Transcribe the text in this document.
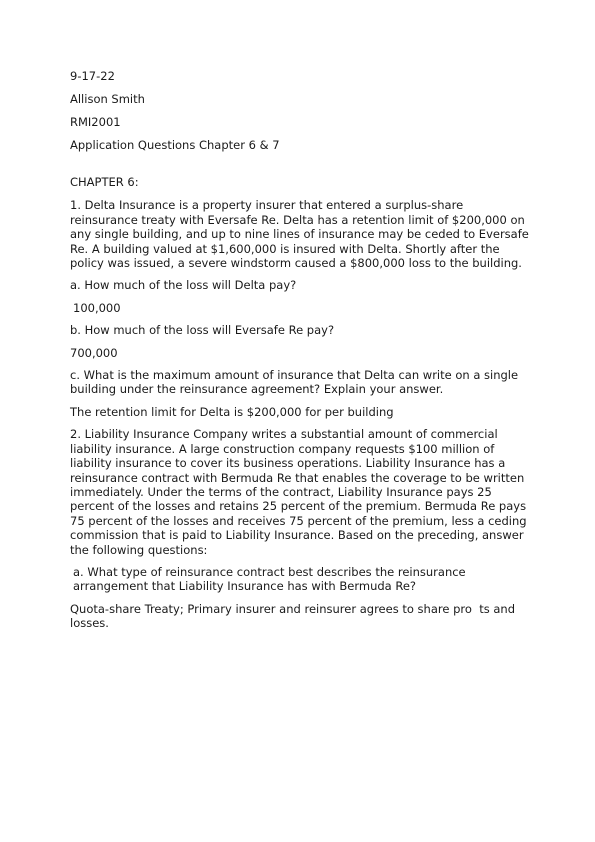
9-17-22

Allison Smith

RMI2001

Application Questions Chapter 6 & 7

CHAPTER 6:

1. Delta Insurance is a property insurer that entered a surplus-share reinsurance treaty with Eversafe Re. Delta has a retention limit of $200,000 on any single building, and up to nine lines of insurance may be ceded to Eversafe Re. A building valued at $1,600,000 is insured with Delta. Shortly after the policy was issued, a severe windstorm caused a $800,000 loss to the building.

a. How much of the loss will Delta pay?

100,000

b. How much of the loss will Eversafe Re pay?

700,000

c. What is the maximum amount of insurance that Delta can write on a single building under the reinsurance agreement? Explain your answer.

The retention limit for Delta is $200,000 for per building

2. Liability Insurance Company writes a substantial amount of commercial liability insurance. A large construction company requests $100 million of liability insurance to cover its business operations. Liability Insurance has a reinsurance contract with Bermuda Re that enables the coverage to be written immediately. Under the terms of the contract, Liability Insurance pays 25 percent of the losses and retains 25 percent of the premium. Bermuda Re pays 75 percent of the losses and receives 75 percent of the premium, less a ceding commission that is paid to Liability Insurance. Based on the preceding, answer the following questions:

a. What type of reinsurance contract best describes the reinsurance arrangement that Liability Insurance has with Bermuda Re?

Quota-share Treaty; Primary insurer and reinsurer agrees to share pro  ts and losses.
